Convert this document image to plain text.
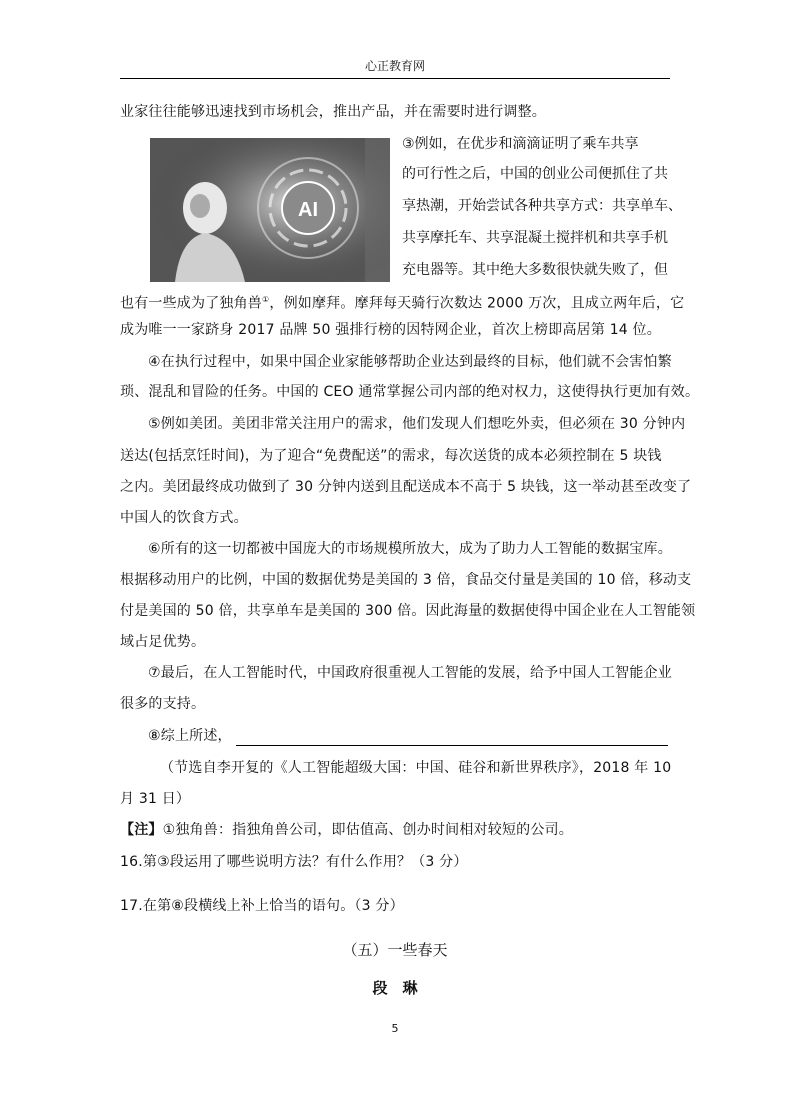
心正教育网
业家往往能够迅速找到市场机会，推出产品，并在需要时进行调整。
AI
③例如，在优步和滴滴证明了乘车共享
的可行性之后，中国的创业公司便抓住了共
享热潮，开始尝试各种共享方式：共享单车、
共享摩托车、共享混凝土搅拌机和共享手机
充电器等。其中绝大多数很快就失败了，但
也有一些成为了独角兽①，例如摩拜。摩拜每天骑行次数达 2000 万次，且成立两年后，它
成为唯一一家跻身 2017 品牌 50 强排行榜的因特网企业，首次上榜即高居第 14 位。
④在执行过程中，如果中国企业家能够帮助企业达到最终的目标，他们就不会害怕繁
琐、混乱和冒险的任务。中国的 CEO 通常掌握公司内部的绝对权力，这使得执行更加有效。
⑤例如美团。美团非常关注用户的需求，他们发现人们想吃外卖，但必须在 30 分钟内
送达(包括烹饪时间)，为了迎合“免费配送”的需求，每次送货的成本必须控制在 5 块钱
之内。美团最终成功做到了 30 分钟内送到且配送成本不高于 5 块钱，这一举动甚至改变了
中国人的饮食方式。
⑥所有的这一切都被中国庞大的市场规模所放大，成为了助力人工智能的数据宝库。
根据移动用户的比例，中国的数据优势是美国的 3 倍，食品交付量是美国的 10 倍，移动支
付是美国的 50 倍，共享单车是美国的 300 倍。因此海量的数据使得中国企业在人工智能领
域占足优势。
⑦最后，在人工智能时代，中国政府很重视人工智能的发展，给予中国人工智能企业
很多的支持。
⑧综上所述，
（节选自李开复的《人工智能超级大国：中国、硅谷和新世界秩序》，2018 年 10
月 31 日）
【注】①独角兽：指独角兽公司，即估值高、创办时间相对较短的公司。
16.第③段运用了哪些说明方法？有什么作用？（3 分）
17.在第⑧段横线上补上恰当的语句。（3 分）
（五）一些春天
段　琳
5
